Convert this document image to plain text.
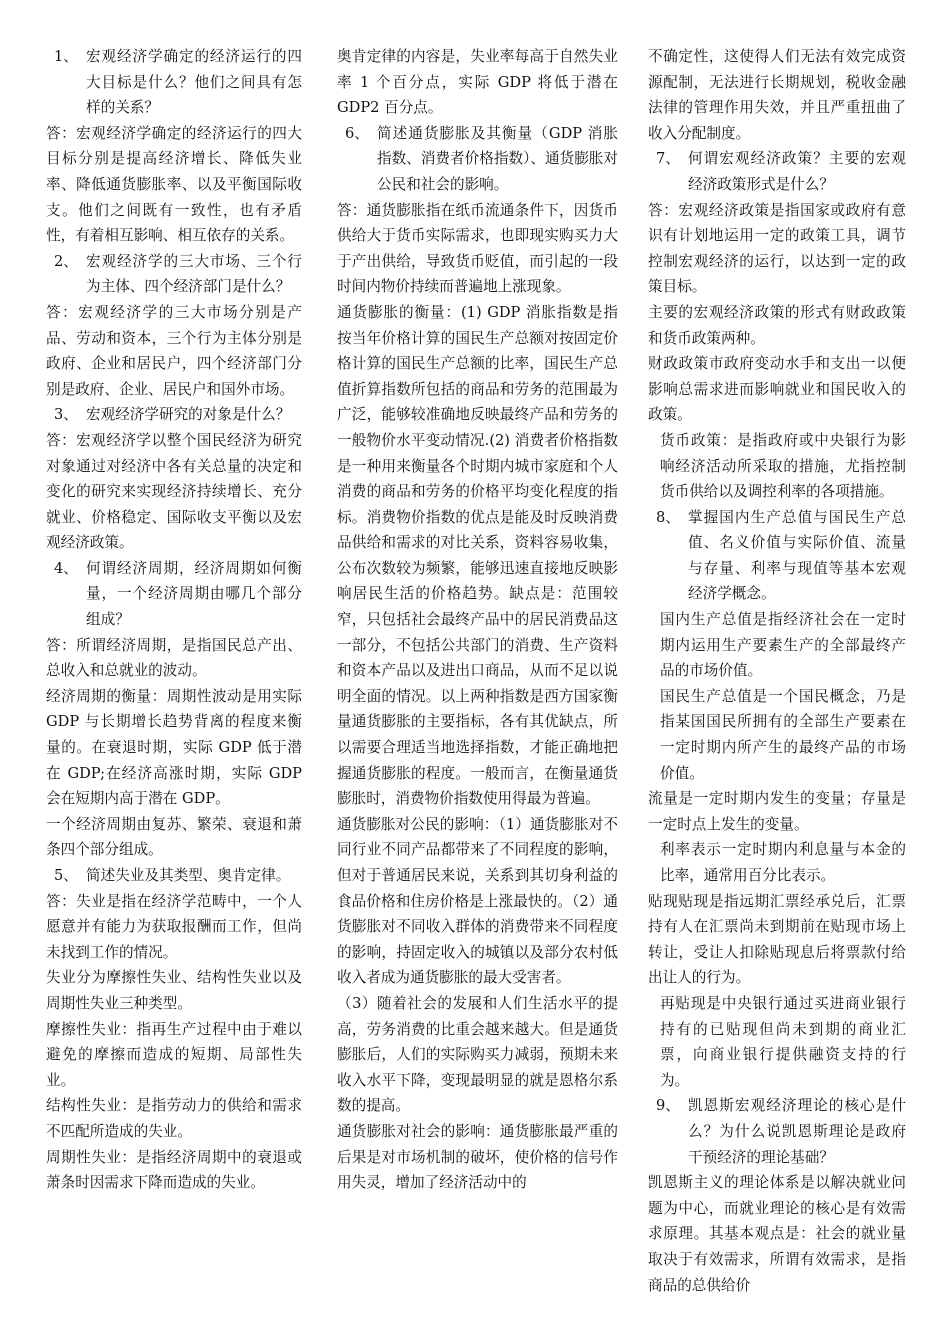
1、 宏观经济学确定的经济运行的四大目标是什么？他们之间具有怎样的关系？

答：宏观经济学确定的经济运行的四大目标分别是提高经济增长、降低失业率、降低通货膨胀率、以及平衡国际收支。他们之间既有一致性，也有矛盾性，有着相互影响、相互依存的关系。

2、 宏观经济学的三大市场、三个行为主体、四个经济部门是什么？

答：宏观经济学的三大市场分别是产品、劳动和资本，三个行为主体分别是政府、企业和居民户，四个经济部门分别是政府、企业、居民户和国外市场。

3、 宏观经济学研究的对象是什么？

答：宏观经济学以整个国民经济为研究对象通过对经济中各有关总量的决定和变化的研究来实现经济持续增长、充分就业、价格稳定、国际收支平衡以及宏观经济政策。

4、 何谓经济周期，经济周期如何衡量，一个经济周期由哪几个部分组成？

答：所谓经济周期，是指国民总产出、总收入和总就业的波动。

经济周期的衡量：周期性波动是用实际 GDP 与长期增长趋势背离的程度来衡量的。在衰退时期，实际 GDP 低于潜在 GDP;在经济高涨时期，实际 GDP 会在短期内高于潜在 GDP。

一个经济周期由复苏、繁荣、衰退和萧条四个部分组成。

5、 简述失业及其类型、奥肯定律。

答：失业是指在经济学范畴中，一个人愿意并有能力为获取报酬而工作，但尚未找到工作的情况。

失业分为摩擦性失业、结构性失业以及周期性失业三种类型。

摩擦性失业：指再生产过程中由于难以避免的摩擦而造成的短期、局部性失业。

结构性失业：是指劳动力的供给和需求不匹配所造成的失业。

周期性失业：是指经济周期中的衰退或萧条时因需求下降而造成的失业。

奥肯定律的内容是，失业率每高于自然失业率 1 个百分点，实际 GDP 将低于潜在 GDP2 百分点。

6、 简述通货膨胀及其衡量（GDP 消胀指数、消费者价格指数）、通货膨胀对公民和社会的影响。

答：通货膨胀指在纸币流通条件下，因货币供给大于货币实际需求，也即现实购买力大于产出供给，导致货币贬值，而引起的一段时间内物价持续而普遍地上涨现象。

通货膨胀的衡量：(1) GDP 消胀指数是指按当年价格计算的国民生产总额对按固定价格计算的国民生产总额的比率，国民生产总值折算指数所包括的商品和劳务的范围最为广泛，能够较准确地反映最终产品和劳务的一般物价水平变动情况.(2) 消费者价格指数是一种用来衡量各个时期内城市家庭和个人消费的商品和劳务的价格平均变化程度的指标。消费物价指数的优点是能及时反映消费品供给和需求的对比关系，资料容易收集，公布次数较为频繁，能够迅速直接地反映影响居民生活的价格趋势。缺点是：范围较窄，只包括社会最终产品中的居民消费品这一部分，不包括公共部门的消费、生产资料和资本产品以及进出口商品，从而不足以说明全面的情况。以上两种指数是西方国家衡量通货膨胀的主要指标，各有其优缺点，所以需要合理适当地选择指数，才能正确地把握通货膨胀的程度。一般而言，在衡量通货膨胀时，消费物价指数使用得最为普遍。

通货膨胀对公民的影响：（1）通货膨胀对不同行业不同产品都带来了不同程度的影响，但对于普通居民来说，关系到其切身利益的食品价格和住房价格是上涨最快的。（2）通货膨胀对不同收入群体的消费带来不同程度的影响，持固定收入的城镇以及部分农村低收入者成为通货膨胀的最大受害者。

（3）随着社会的发展和人们生活水平的提高，劳务消费的比重会越来越大。但是通货膨胀后，人们的实际购买力减弱，预期未来收入水平下降，变现最明显的就是恩格尔系数的提高。

通货膨胀对社会的影响：通货膨胀最严重的后果是对市场机制的破坏，使价格的信号作用失灵，增加了经济活动中的

不确定性，这使得人们无法有效完成资源配制，无法进行长期规划，税收金融法律的管理作用失效，并且严重扭曲了收入分配制度。

7、 何谓宏观经济政策？主要的宏观经济政策形式是什么？

答：宏观经济政策是指国家或政府有意识有计划地运用一定的政策工具，调节控制宏观经济的运行，以达到一定的政策目标。

主要的宏观经济政策的形式有财政政策和货币政策两种。

财政政策市政府变动水手和支出一以便影响总需求进而影响就业和国民收入的政策。

货币政策：是指政府或中央银行为影响经济活动所采取的措施，尤指控制货币供给以及调控利率的各项措施。

8、 掌握国内生产总值与国民生产总值、名义价值与实际价值、流量与存量、利率与现值等基本宏观经济学概念。

国内生产总值是指经济社会在一定时期内运用生产要素生产的全部最终产品的市场价值。

国民生产总值是一个国民概念，乃是指某国国民所拥有的全部生产要素在一定时期内所产生的最终产品的市场价值。

流量是一定时期内发生的变量；存量是一定时点上发生的变量。

利率表示一定时期内利息量与本金的比率，通常用百分比表示。

贴现贴现是指远期汇票经承兑后，汇票持有人在汇票尚未到期前在贴现市场上转让，受让人扣除贴现息后将票款付给出让人的行为。

再贴现是中央银行通过买进商业银行持有的已贴现但尚未到期的商业汇票，向商业银行提供融资支持的行为。

9、 凯恩斯宏观经济理论的核心是什么？为什么说凯恩斯理论是政府干预经济的理论基础？

凯恩斯主义的理论体系是以解决就业问题为中心，而就业理论的核心是有效需求原理。其基本观点是：社会的就业量取决于有效需求，所谓有效需求，是指商品的总供给价
